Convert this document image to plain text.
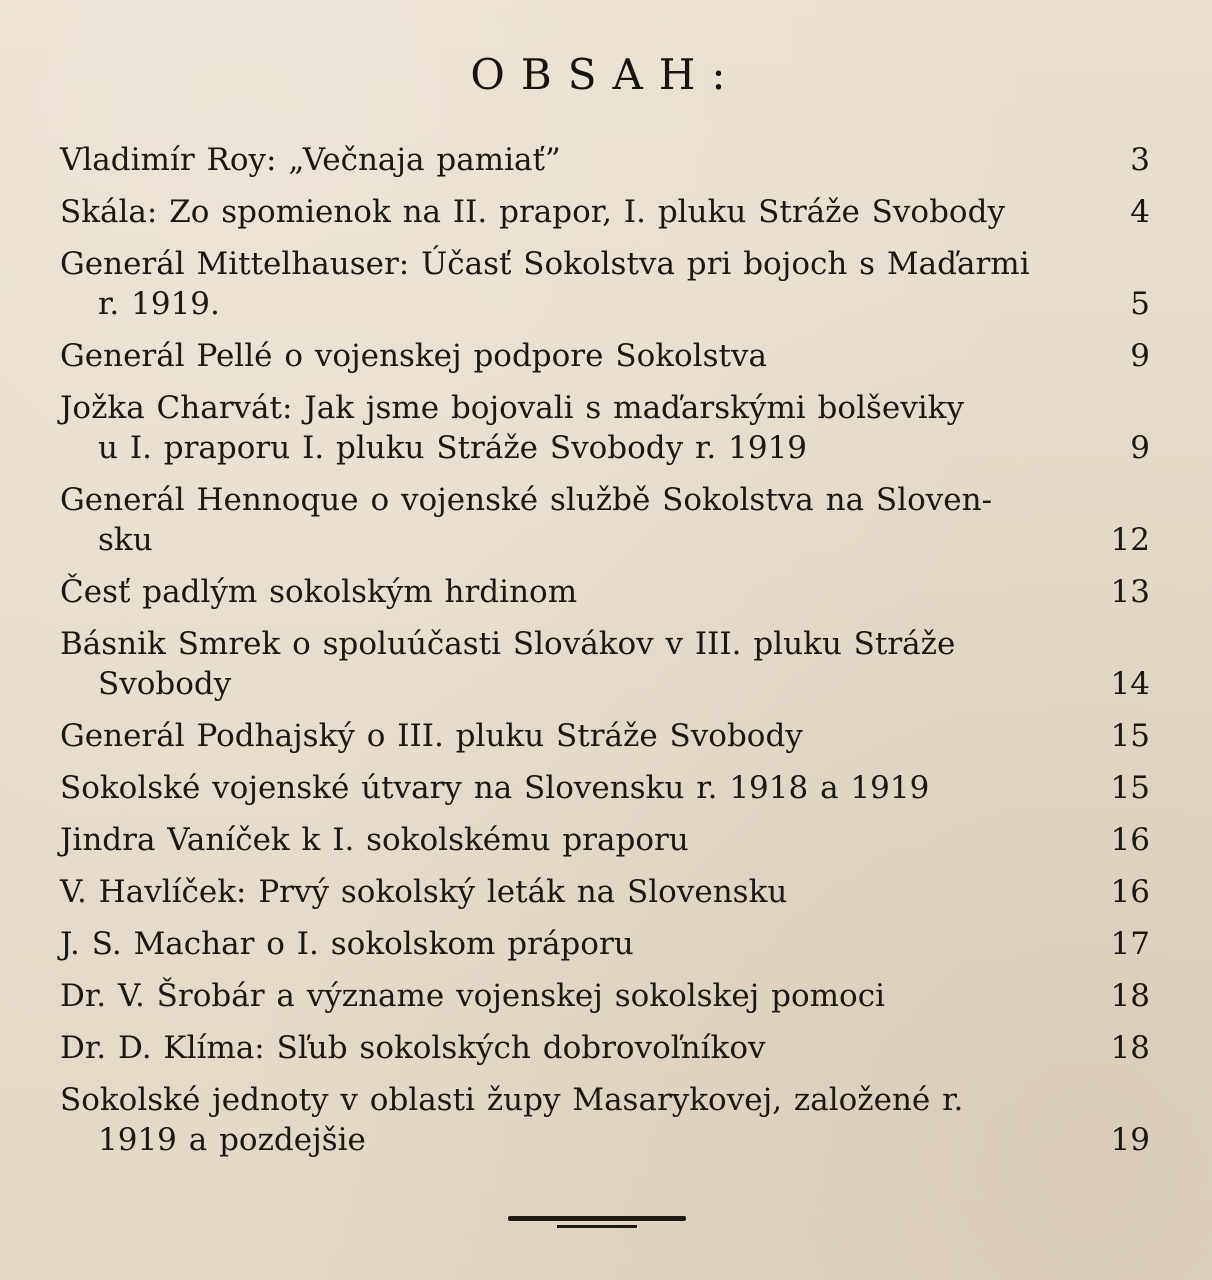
OBSAH:
Vladimír Roy: „Večnaja pamiať”	3
Skála: Zo spomienok na II. prapor, I. pluku Stráže Svobody	4
Generál Mittelhauser: Účasť Sokolstva pri bojoch s Maďarmi
r. 1919.	5
Generál Pellé o vojenskej podpore Sokolstva	9
Jožka Charvát: Jak jsme bojovali s maďarskými bolševiky
u I. praporu I. pluku Stráže Svobody r. 1919	9
Generál Hennoque o vojenské službě Sokolstva na Sloven-
sku	12
Česť padlým sokolským hrdinom	13
Básnik Smrek o spoluúčasti Slovákov v III. pluku Stráže
Svobody	14
Generál Podhajský o III. pluku Stráže Svobody	15
Sokolské vojenské útvary na Slovensku r. 1918 a 1919	15
Jindra Vaníček k I. sokolskému praporu	16
V. Havlíček: Prvý sokolský leták na Slovensku	16
J. S. Machar o I. sokolskom práporu	17
Dr. V. Šrobár a význame vojenskej sokolskej pomoci	18
Dr. D. Klíma: Sľub sokolských dobrovoľníkov	18
Sokolské jednoty v oblasti župy Masarykovej, založené r.
1919 a pozdejšie	19
